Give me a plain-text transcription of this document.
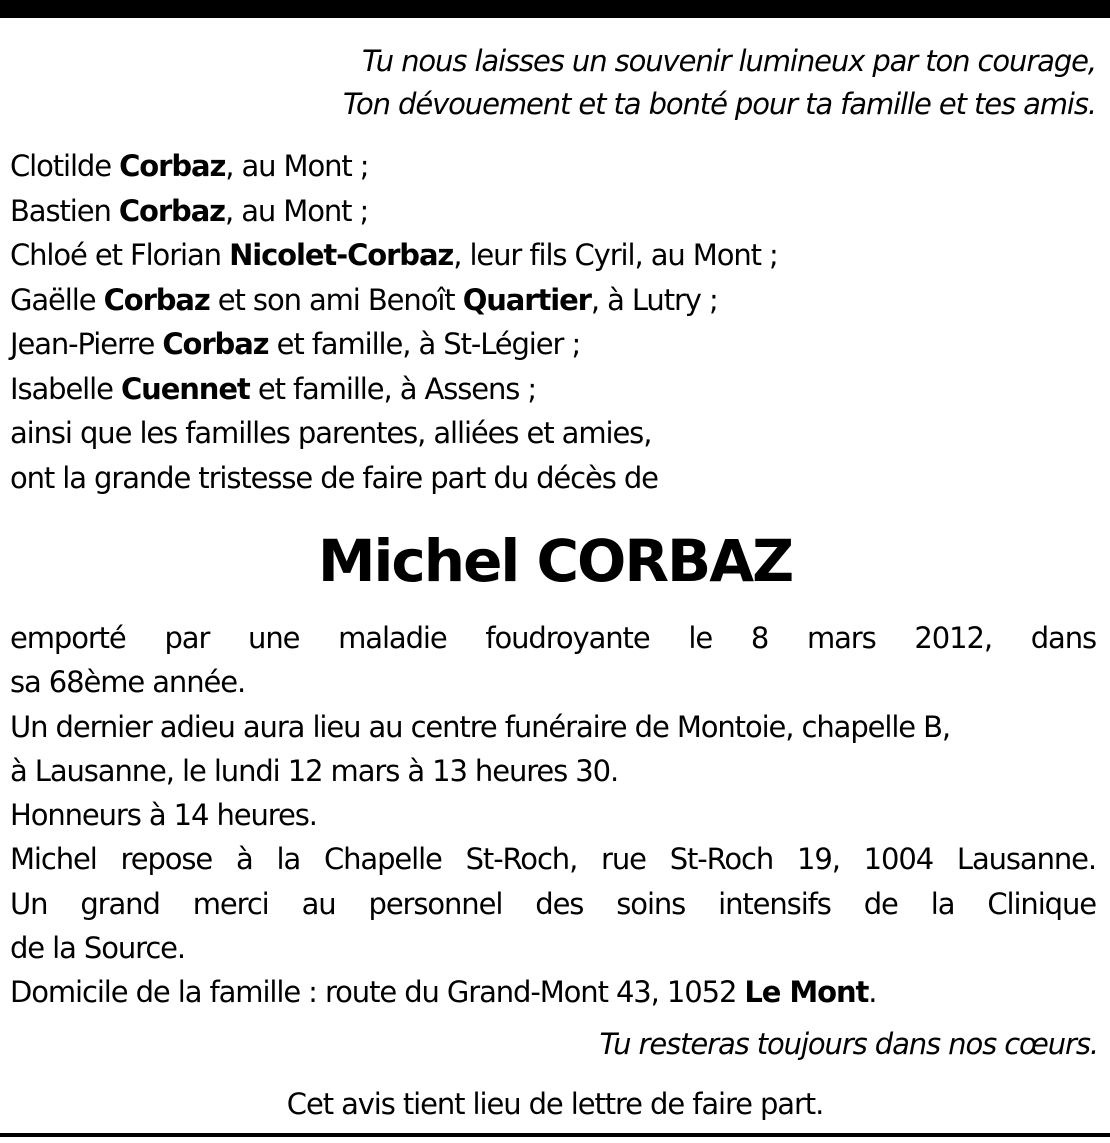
Tu nous laisses un souvenir lumineux par ton courage,
Ton dévouement et ta bonté pour ta famille et tes amis.
Clotilde Corbaz, au Mont ;
Bastien Corbaz, au Mont ;
Chloé et Florian Nicolet-Corbaz, leur fils Cyril, au Mont ;
Gaëlle Corbaz et son ami Benoît Quartier, à Lutry ;
Jean-Pierre Corbaz et famille, à St-Légier ;
Isabelle Cuennet et famille, à Assens ;
ainsi que les familles parentes, alliées et amies,
ont la grande tristesse de faire part du décès de
Michel CORBAZ
emporté par une maladie foudroyante le 8 mars 2012, dans
sa 68ème année.
Un dernier adieu aura lieu au centre funéraire de Montoie, chapelle B,
à Lausanne, le lundi 12 mars à 13 heures 30.
Honneurs à 14 heures.
Michel repose à la Chapelle St-Roch, rue St-Roch 19, 1004 Lausanne.
Un grand merci au personnel des soins intensifs de la Clinique
de la Source.
Domicile de la famille : route du Grand-Mont 43, 1052 Le Mont.
Tu resteras toujours dans nos cœurs.
Cet avis tient lieu de lettre de faire part.
